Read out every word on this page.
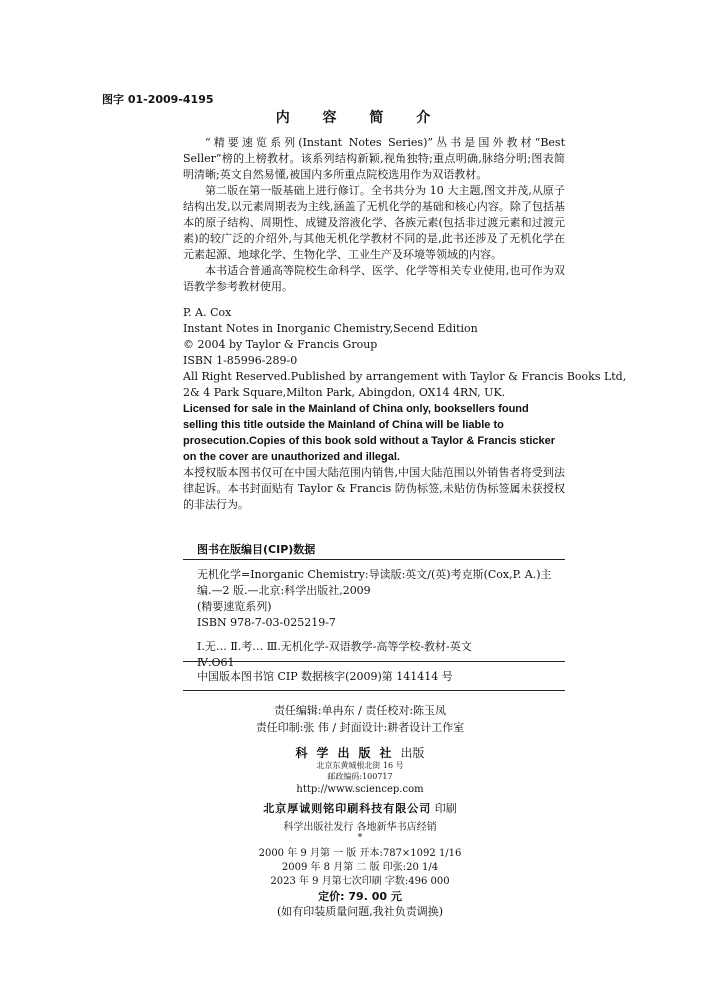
图字 01-2009-4195
内 容 简 介

“精要速览系列(Instant Notes Series)”丛书是国外教材“Best Seller”榜的上榜教材。该系列结构新颖,视角独特;重点明确,脉络分明;图表简明清晰;英文自然易懂,被国内多所重点院校选用作为双语教材。

第二版在第一版基础上进行修订。全书共分为 10 大主题,图文并茂,从原子结构出发,以元素周期表为主线,涵盖了无机化学的基础和核心内容。除了包括基本的原子结构、周期性、成键及溶液化学、各族元素(包括非过渡元素和过渡元素)的较广泛的介绍外,与其他无机化学教材不同的是,此书还涉及了无机化学在元素起源、地球化学、生物化学、工业生产及环境等领域的内容。

本书适合普通高等院校生命科学、医学、化学等相关专业使用,也可作为双语教学参考教材使用。

P. A. Cox
Instant Notes in Inorganic Chemistry,Secend Edition
© 2004 by Taylor & Francis Group
ISBN 1-85996-289-0
All Right Reserved.Published by arrangement with Taylor & Francis Books Ltd,
2& 4 Park Square,Milton Park, Abingdon, OX14 4RN, UK.
Licensed for sale in the Mainland of China only, booksellers found selling this title outside the Mainland of China will be liable to prosecution.Copies of this book sold without a Taylor & Francis sticker on the cover are unauthorized and illegal.
本授权版本图书仅可在中国大陆范围内销售,中国大陆范围以外销售者将受到法律起诉。本书封面贴有 Taylor & Francis 防伪标签,未贴仿伪标签属未获授权的非法行为。
图书在版编目(CIP)数据
无机化学=Inorganic Chemistry:导读版:英文/(英)考克斯(Cox,P. A.)主
编.—2 版.—北京:科学出版社,2009
(精要速览系列)
ISBN 978-7-03-025219-7
Ⅰ.无… Ⅱ.考… Ⅲ.无机化学-双语教学-高等学校-教材-英文
Ⅳ.O61
中国版本图书馆 CIP 数据核字(2009)第 141414 号
责任编辑:单冉东 / 责任校对:陈玉凤
责任印制:张 伟 / 封面设计:耕者设计工作室
科学出版社出版
北京东黄城根北街 16 号
邮政编码:100717
http://www.sciencep.com
北京厚诚则铭印刷科技有限公司 印刷
科学出版社发行 各地新华书店经销
*
2000 年 9 月第 一 版 开本:787×1092 1/16
2009 年 8 月第 二 版 印张:20 1/4
2023 年 9 月第七次印刷 字数:496 000
定价: 79. 00 元
(如有印装质量问题,我社负责调换)
